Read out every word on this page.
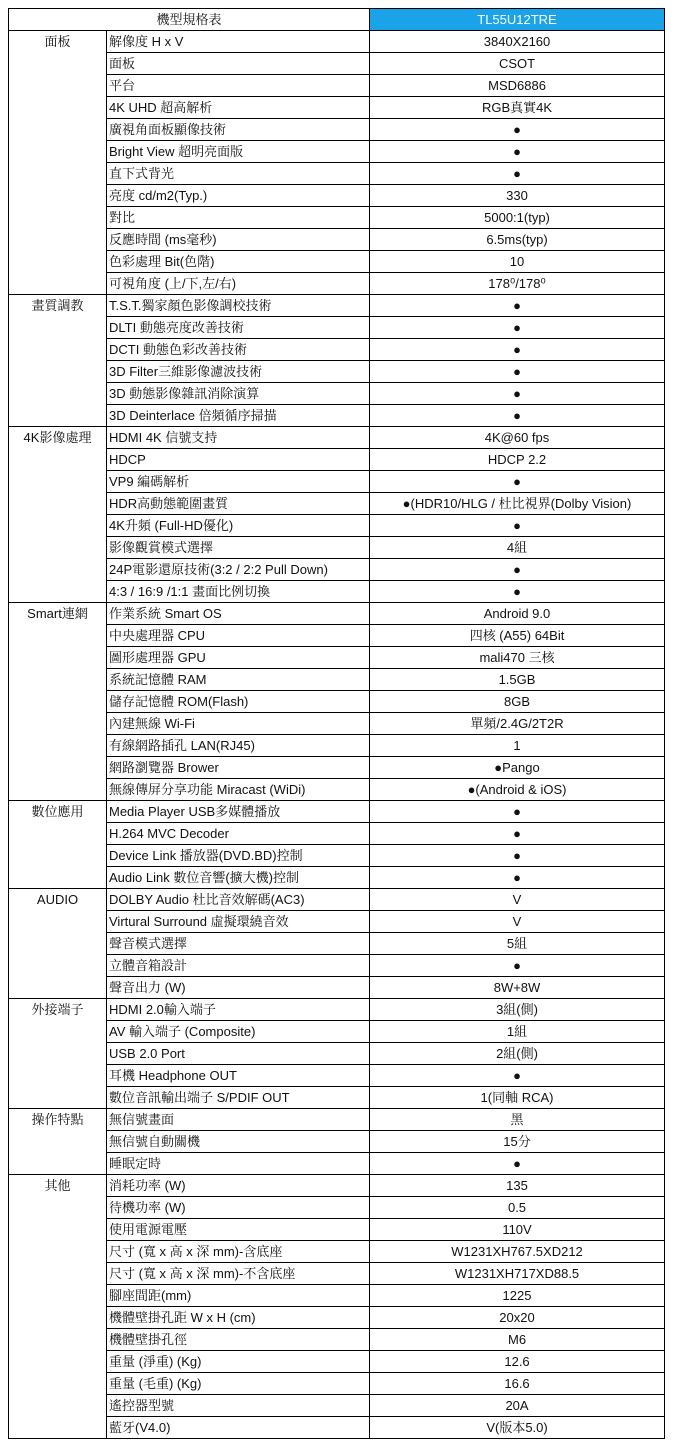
機型規格表		TL55U12TRE
面板	解像度 H x V	3840X2160
	面板	CSOT
	平台	MSD6886
	4K UHD 超高解析	RGB真實4K
	廣視角面板顯像技術	●
	Bright View 超明亮面版	●
	直下式背光	●
	亮度 cd/m2(Typ.)	330
	對比	5000:1(typ)
	反應時間 (ms毫秒)	6.5ms(typ)
	色彩處理 Bit(色階)	10
	可視角度 (上/下,左/右)	178⁰/178⁰
畫質調教	T.S.T.獨家顏色影像調校技術	●
	DLTI 動態亮度改善技術	●
	DCTI 動態色彩改善技術	●
	3D Filter三維影像濾波技術	●
	3D 動態影像雜訊消除演算	●
	3D Deinterlace 倍頻循序掃描	●
4K影像處理	HDMI 4K 信號支持	4K@60 fps
	HDCP	HDCP 2.2
	VP9 編碼解析	●
	HDR高動態範圍畫質	●(HDR10/HLG / 杜比視界(Dolby Vision)
	4K升頻 (Full-HD優化)	●
	影像觀賞模式選擇	4組
	24P電影還原技術(3:2 / 2:2 Pull Down)	●
	4:3 / 16:9 /1:1 畫面比例切換	●
Smart連網	作業系統 Smart OS	Android 9.0
	中央處理器 CPU	四核 (A55) 64Bit
	圖形處理器 GPU	mali470 三核
	系統記憶體 RAM	1.5GB
	儲存記憶體 ROM(Flash)	8GB
	內建無線 Wi-Fi	單頻/2.4G/2T2R
	有線網路插孔 LAN(RJ45)	1
	網路瀏覽器 Brower	●Pango
	無線傳屏分享功能 Miracast (WiDi)	●(Android & iOS)
數位應用	Media Player USB多媒體播放	●
	H.264 MVC Decoder	●
	Device Link 播放器(DVD.BD)控制	●
	Audio Link 數位音響(擴大機)控制	●
AUDIO	DOLBY Audio 杜比音效解碼(AC3)	V
	Virtural Surround 虛擬環繞音效	V
	聲音模式選擇	5組
	立體音箱設計	●
	聲音出力 (W)	8W+8W
外接端子	HDMI 2.0輸入端子	3組(側)
	AV 輸入端子 (Composite)	1組
	USB 2.0 Port	2組(側)
	耳機 Headphone OUT	●
	數位音訊輸出端子 S/PDIF OUT	1(同軸 RCA)
操作特點	無信號畫面	黑
	無信號自動關機	15分
	睡眠定時	●
其他	消耗功率 (W)	135
	待機功率 (W)	0.5
	使用電源電壓	110V
	尺寸 (寬 x 高 x 深 mm)-含底座	W1231XH767.5XD212
	尺寸 (寬 x 高 x 深 mm)-不含底座	W1231XH717XD88.5
	腳座間距(mm)	1225
	機體壁掛孔距 W x H (cm)	20x20
	機體壁掛孔徑	M6
	重量 (淨重) (Kg)	12.6
	重量 (毛重) (Kg)	16.6
	遙控器型號	20A
	藍牙(V4.0)	V(版本5.0)
